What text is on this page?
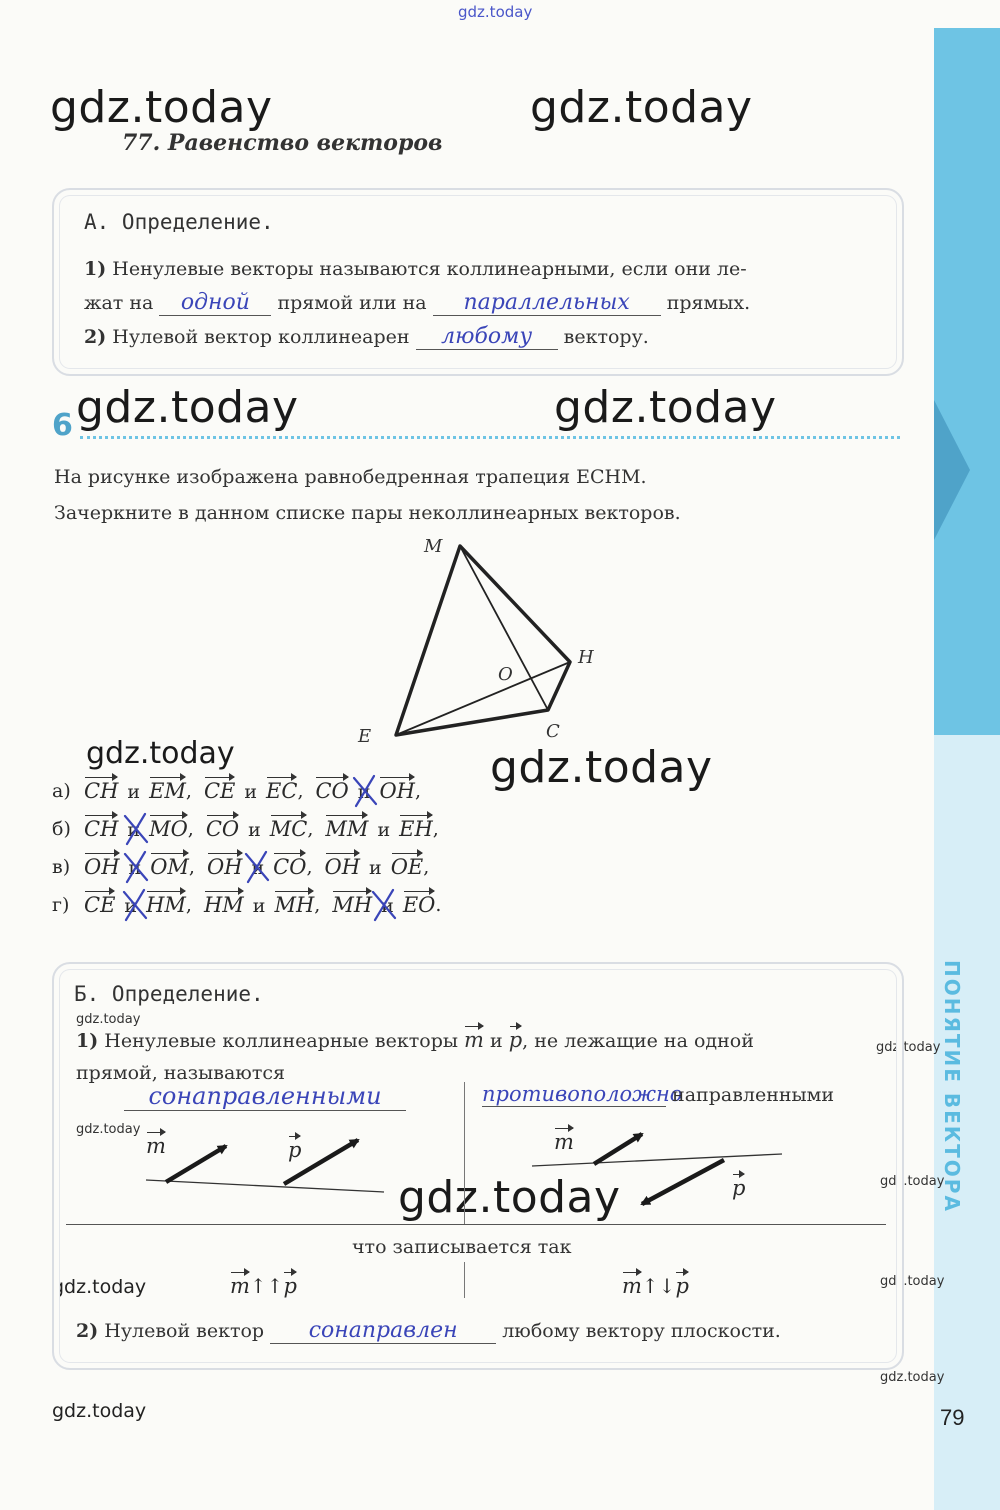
ПОНЯТИЕ ВЕКТОРА
79
gdz.today
gdz.today	gdz.today
gdz.today	gdz.today
gdz.today	gdz.today
gdz.today
gdz.today
gdz.today
gdz.today
gdz.today
gdz.today	gdz.today
gdz.today
gdz.today
77. Равенство векторов
А. Определение.
1) Ненулевые векторы называются коллинеарными, если они ле-
жат на одной прямой или на параллельных прямых.
2) Нулевой вектор коллинеарен любому вектору.
6
На рисунке изображена равнобедренная трапеция ECHM.
Зачеркните в данном списке пары неколлинеарных векторов.
M
H
O
E	C
а) CH и EM , CE и EC , CO и OH ,
б) CH и MO , CO и MC , MM и EH ,
в) OH и OM , OH и CO , OH и OE ,
г) CE и HM , HM и MH , MH и EO .
Б. Определение.
1) Ненулевые коллинеарные векторы m и p, не лежащие на одной
прямой, называются
сонаправленными	противоположно направленными
m	p	m
p
что записывается так
m↑↑p	m↑↓p
2) Нулевой вектор сонаправлен любому вектору плоскости.
